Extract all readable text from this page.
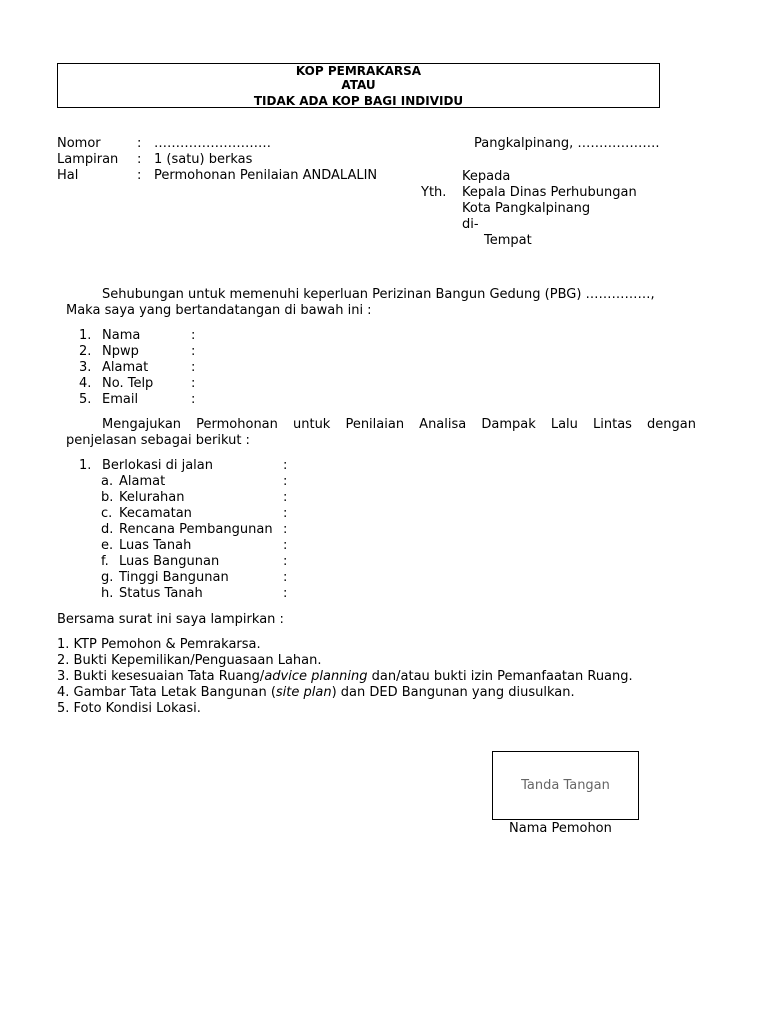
KOP PEMRAKARSA
ATAU
TIDAK ADA KOP BAGI INDIVIDU
Nomor	: ………………………
Lampiran : 1 (satu) berkas
Hal	: Permohonan Penilaian ANDALALIN
Pangkalpinang, ……………….
Kepada
Yth. Kepala Dinas Perhubungan
Kota Pangkalpinang
di-
Tempat
Sehubungan untuk memenuhi keperluan Perizinan Bangun Gedung (PBG) ……………,
Maka saya yang bertandatangan di bawah ini :
1. Nama	:
2. Npwp	:
3. Alamat	:
4. No. Telp	:
5. Email	:
Mengajukan Permohonan untuk Penilaian Analisa Dampak Lalu Lintas dengan
penjelasan sebagai berikut :
1. Berlokasi di jalan	:
a. Alamat	:
b. Kelurahan	:
c. Kecamatan	:
d. Rencana Pembangunan :
e. Luas Tanah	:
f. Luas Bangunan	:
g. Tinggi Bangunan	:
h. Status Tanah	:
Bersama surat ini saya lampirkan :
1. KTP Pemohon & Pemrakarsa.
2. Bukti Kepemilikan/Penguasaan Lahan.
3. Bukti kesesuaian Tata Ruang/advice planning dan/atau bukti izin Pemanfaatan Ruang.
4. Gambar Tata Letak Bangunan (site plan) dan DED Bangunan yang diusulkan.
5. Foto Kondisi Lokasi.
Tanda Tangan
Nama Pemohon
